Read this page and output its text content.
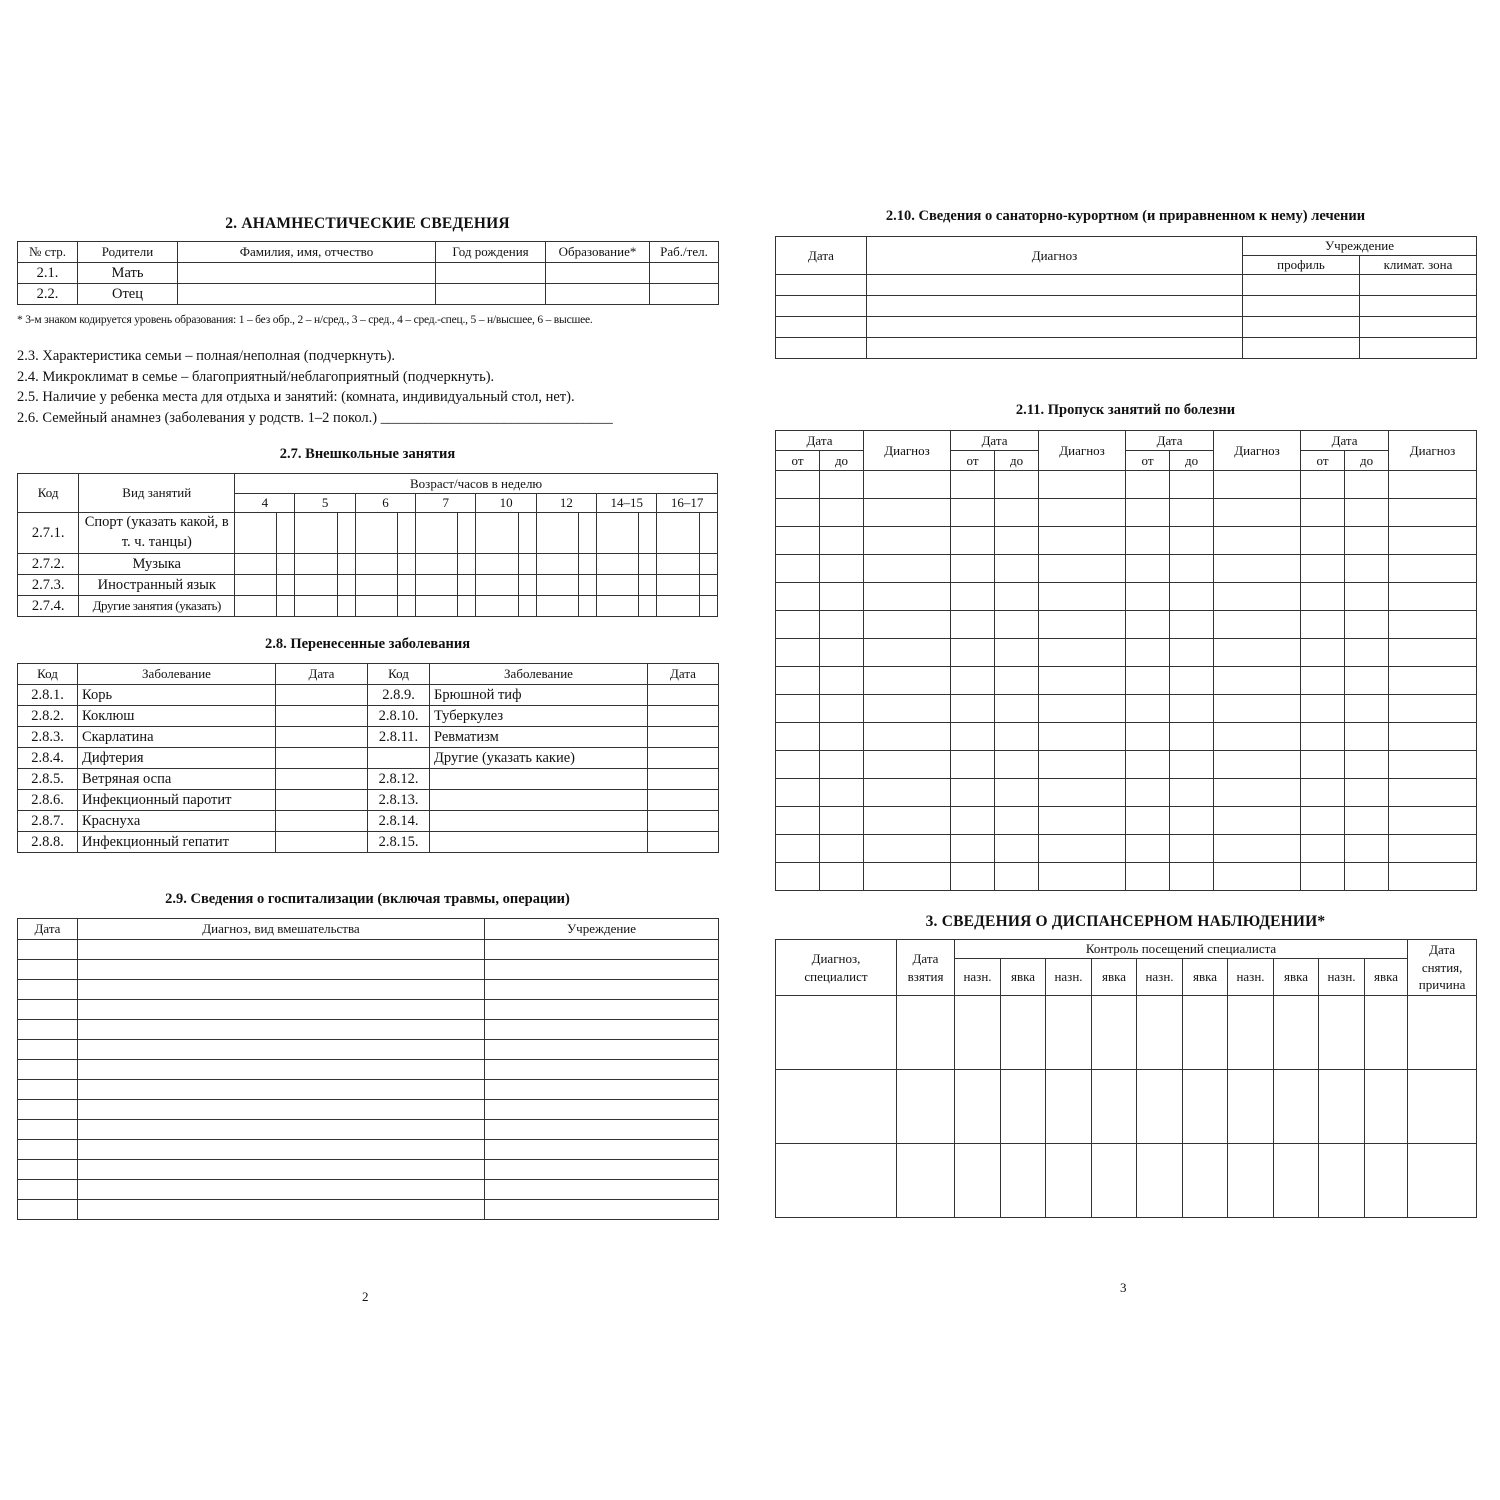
2. АНАМНЕСТИЧЕСКИЕ СВЕДЕНИЯ
№ стр.	Родители	Фамилия, имя, отчество	Год рождения	Образование*	Раб./тел.
2.1.	Мать				
2.2.	Отец				

* 3-м знаком кодируется уровень образования: 1 – без обр., 2 – н/сред., 3 – сред., 4 – сред.-спец., 5 – н/высшее, 6 – высшее.

2.3. Характеристика семьи – полная/неполная (подчеркнуть).

2.4. Микроклимат в семье – благоприятный/неблагоприятный (подчеркнуть).

2.5. Наличие у ребенка места для отдыха и занятий: (комната, индивидуальный стол, нет).

2.6. Семейный анамнез (заболевания у родств. 1–2 покол.) ________________________________

2.7. Внешкольные занятия
Код	Вид занятий	Возраст/часов в неделю															
		4		5		6		7		10		12		14–15		16–17	
2.7.1.	Спорт (указать какой, в т. ч. танцы)																
2.7.2.	Музыка																
2.7.3.	Иностранный язык																
2.7.4.	Другие занятия (указать)																
2.8. Перенесенные заболевания
Код	Заболевание	Дата	Код	Заболевание	Дата
2.8.1.	Корь		2.8.9.	Брюшной тиф	
2.8.2.	Коклюш		2.8.10.	Туберкулез	
2.8.3.	Скарлатина		2.8.11.	Ревматизм	
2.8.4.	Дифтерия			Другие (указать какие)	
2.8.5.	Ветряная оспа		2.8.12.		
2.8.6.	Инфекционный паротит		2.8.13.		
2.8.7.	Краснуха		2.8.14.		
2.8.8.	Инфекционный гепатит		2.8.15.		
2.9. Сведения о госпитализации (включая травмы, операции)
Дата	Диагноз, вид вмешательства	Учреждение

2
2.10. Сведения о санаторно-курортном (и приравненном к нему) лечении
Дата	Диагноз	Учреждение	
		профиль	климат. зона

2.11. Пропуск занятий по болезни
Дата		Диагноз	Дата		Диагноз	Дата		Диагноз	Дата		Диагноз
от	до		от	до		от	до		от	до	

3. СВЕДЕНИЯ О ДИСПАНСЕРНОМ НАБЛЮДЕНИИ*
Диагноз, специалист	Дата взятия	Контроль посещений специалиста										Дата снятия, причина
		назн.	явка	назн.	явка	назн.	явка	назн.	явка	назн.	явка	

3
